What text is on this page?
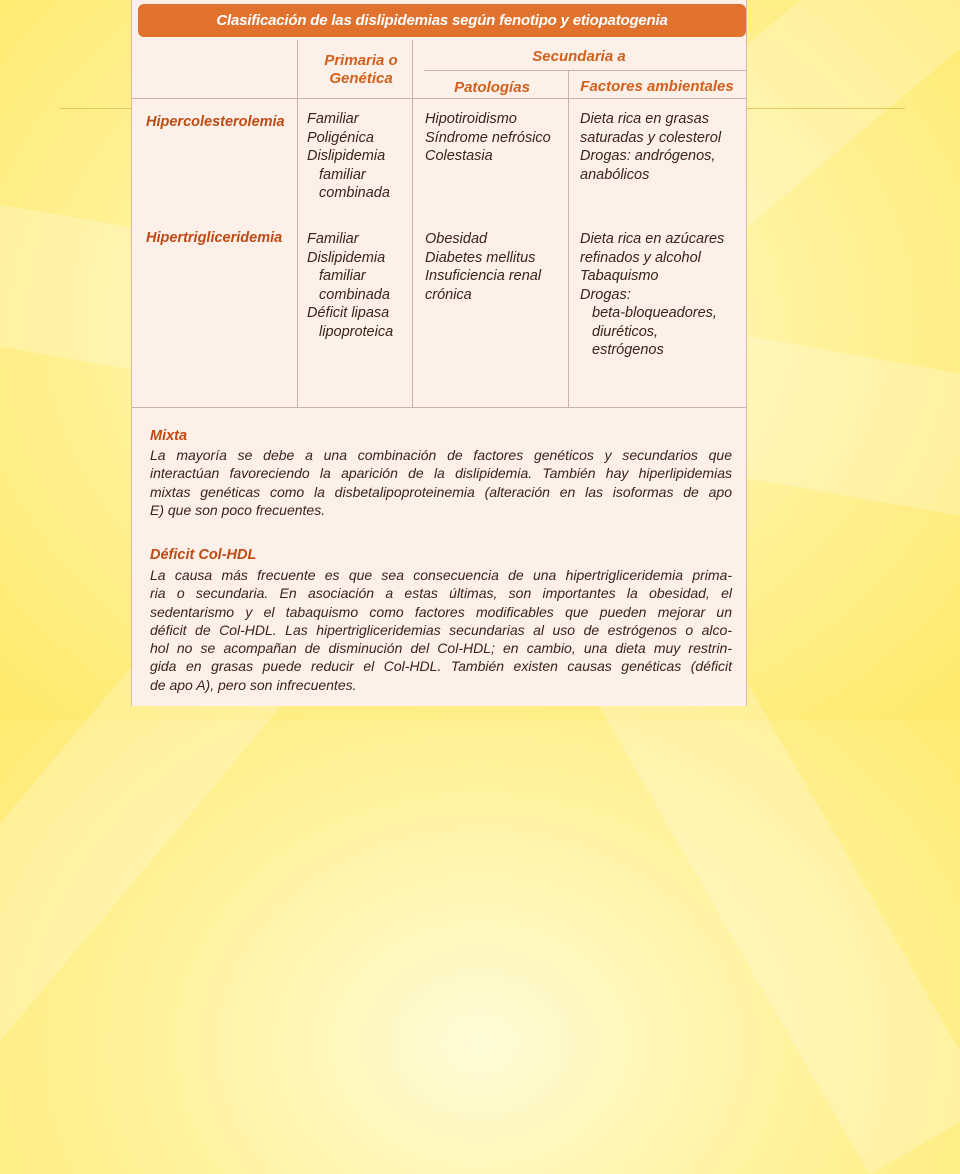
Clasificación de las dislipidemias según fenotipo y etiopatogenia
Primaria o
Genética
Secundaria a
Patologías	Factores ambientales
Hipercolesterolemia Familiar
Poligénica
Dislipidemia
familiar
combinada
Hipotiroidismo
Síndrome nefrósico
Colestasia
Dieta rica en grasas
saturadas y colesterol
Drogas: andrógenos,
anabólicos
Hipertrigliceridemia Familiar
Dislipidemia
familiar
combinada
Déficit lipasa
lipoproteica
Obesidad
Diabetes mellitus
Insuficiencia renal
crónica
Dieta rica en azúcares
refinados y alcohol
Tabaquismo
Drogas:
beta-bloqueadores,
diuréticos,
estrógenos
Mixta
La mayoría se debe a una combinación de factores genéticos y secundarios que
interactúan favoreciendo la aparición de la dislipidemia. También hay hiperlipidemias
mixtas genéticas como la disbetalipoproteinemia (alteración en las isoformas de apo
E) que son poco frecuentes.
Déficit Col-HDL
La causa más frecuente es que sea consecuencia de una hipertrigliceridemia prima-
ria o secundaria. En asociación a estas últimas, son importantes la obesidad, el
sedentarismo y el tabaquismo como factores modificables que pueden mejorar un
déficit de Col-HDL. Las hipertrigliceridemias secundarias al uso de estrógenos o alco-
hol no se acompañan de disminución del Col-HDL; en cambio, una dieta muy restrin-
gida en grasas puede reducir el Col-HDL. También existen causas genéticas (déficit
de apo A), pero son infrecuentes.
